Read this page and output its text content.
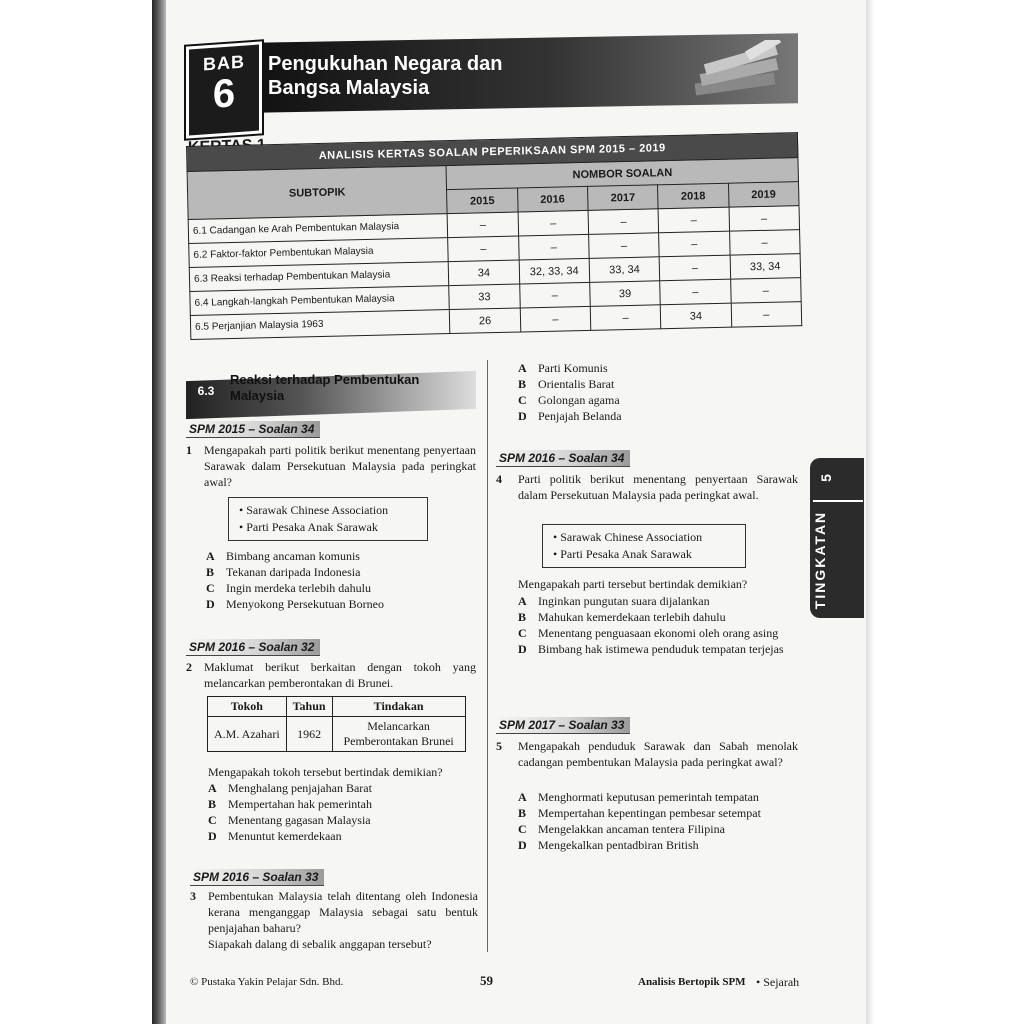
BAB
6
Pengukuhan Negara dan
Bangsa Malaysia
ANALISIS KERTAS SOALAN PEPERIKSAAN SPM 2015 – 2019					
SUBTOPIK	NOMBOR SOALAN				
	2015	2016	2017	2018	2019
6.1 Cadangan ke Arah Pembentukan Malaysia	–	–	–	–	–
6.2 Faktor-faktor Pembentukan Malaysia	–	–	–	–	–
6.3 Reaksi terhadap Pembentukan Malaysia	34	32, 33, 34	33, 34	–	33, 34
6.4 Langkah-langkah Pembentukan Malaysia	33	–	39	–	–
6.5 Perjanjian Malaysia 1963	26	–	–	34	–
6.3
Reaksi terhadap Pembentukan Malaysia
SPM 2015 – Soalan 34
1 Mengapakah parti politik berikut menentang penyertaan Sarawak dalam Persekutuan Malaysia pada peringkat awal?
• Sarawak Chinese Association
• Parti Pesaka Anak Sarawak
A Bimbang ancaman komunis
B Tekanan daripada Indonesia
C Ingin merdeka terlebih dahulu
D Menyokong Persekutuan Borneo
SPM 2016 – Soalan 32
2 Maklumat berikut berkaitan dengan tokoh yang melancarkan pemberontakan di Brunei.
Tokoh	Tahun	Tindakan
A.M. Azahari	1962	Melancarkan Pemberontakan Brunei
Mengapakah tokoh tersebut bertindak demikian?
A Menghalang penjajahan Barat
B Mempertahan hak pemerintah
C Menentang gagasan Malaysia
D Menuntut kemerdekaan
SPM 2016 – Soalan 33
3 Pembentukan Malaysia telah ditentang oleh Indonesia kerana menganggap Malaysia sebagai satu bentuk penjajahan baharu?
Siapakah dalang di sebalik anggapan tersebut?
A Parti Komunis
B Orientalis Barat
C Golongan agama
D Penjajah Belanda
SPM 2016 – Soalan 34
4 Parti politik berikut menentang penyertaan Sarawak dalam Persekutuan Malaysia pada peringkat awal.
• Sarawak Chinese Association
• Parti Pesaka Anak Sarawak
Mengapakah parti tersebut bertindak demikian?
A Inginkan pungutan suara dijalankan
B Mahukan kemerdekaan terlebih dahulu
C Menentang penguasaan ekonomi oleh orang asing
D Bimbang hak istimewa penduduk tempatan terjejas
SPM 2017 – Soalan 33
5 Mengapakah penduduk Sarawak dan Sabah menolak cadangan pembentukan Malaysia pada peringkat awal?
A Menghormati keputusan pemerintah tempatan
B Mempertahan kepentingan pembesar setempat
C Mengelakkan ancaman tentera Filipina
D Mengekalkan pentadbiran British
5
TINGKATAN
© Pustaka Yakin Pelajar Sdn. Bhd.	59	Analisis Bertopik SPM • Sejarah
